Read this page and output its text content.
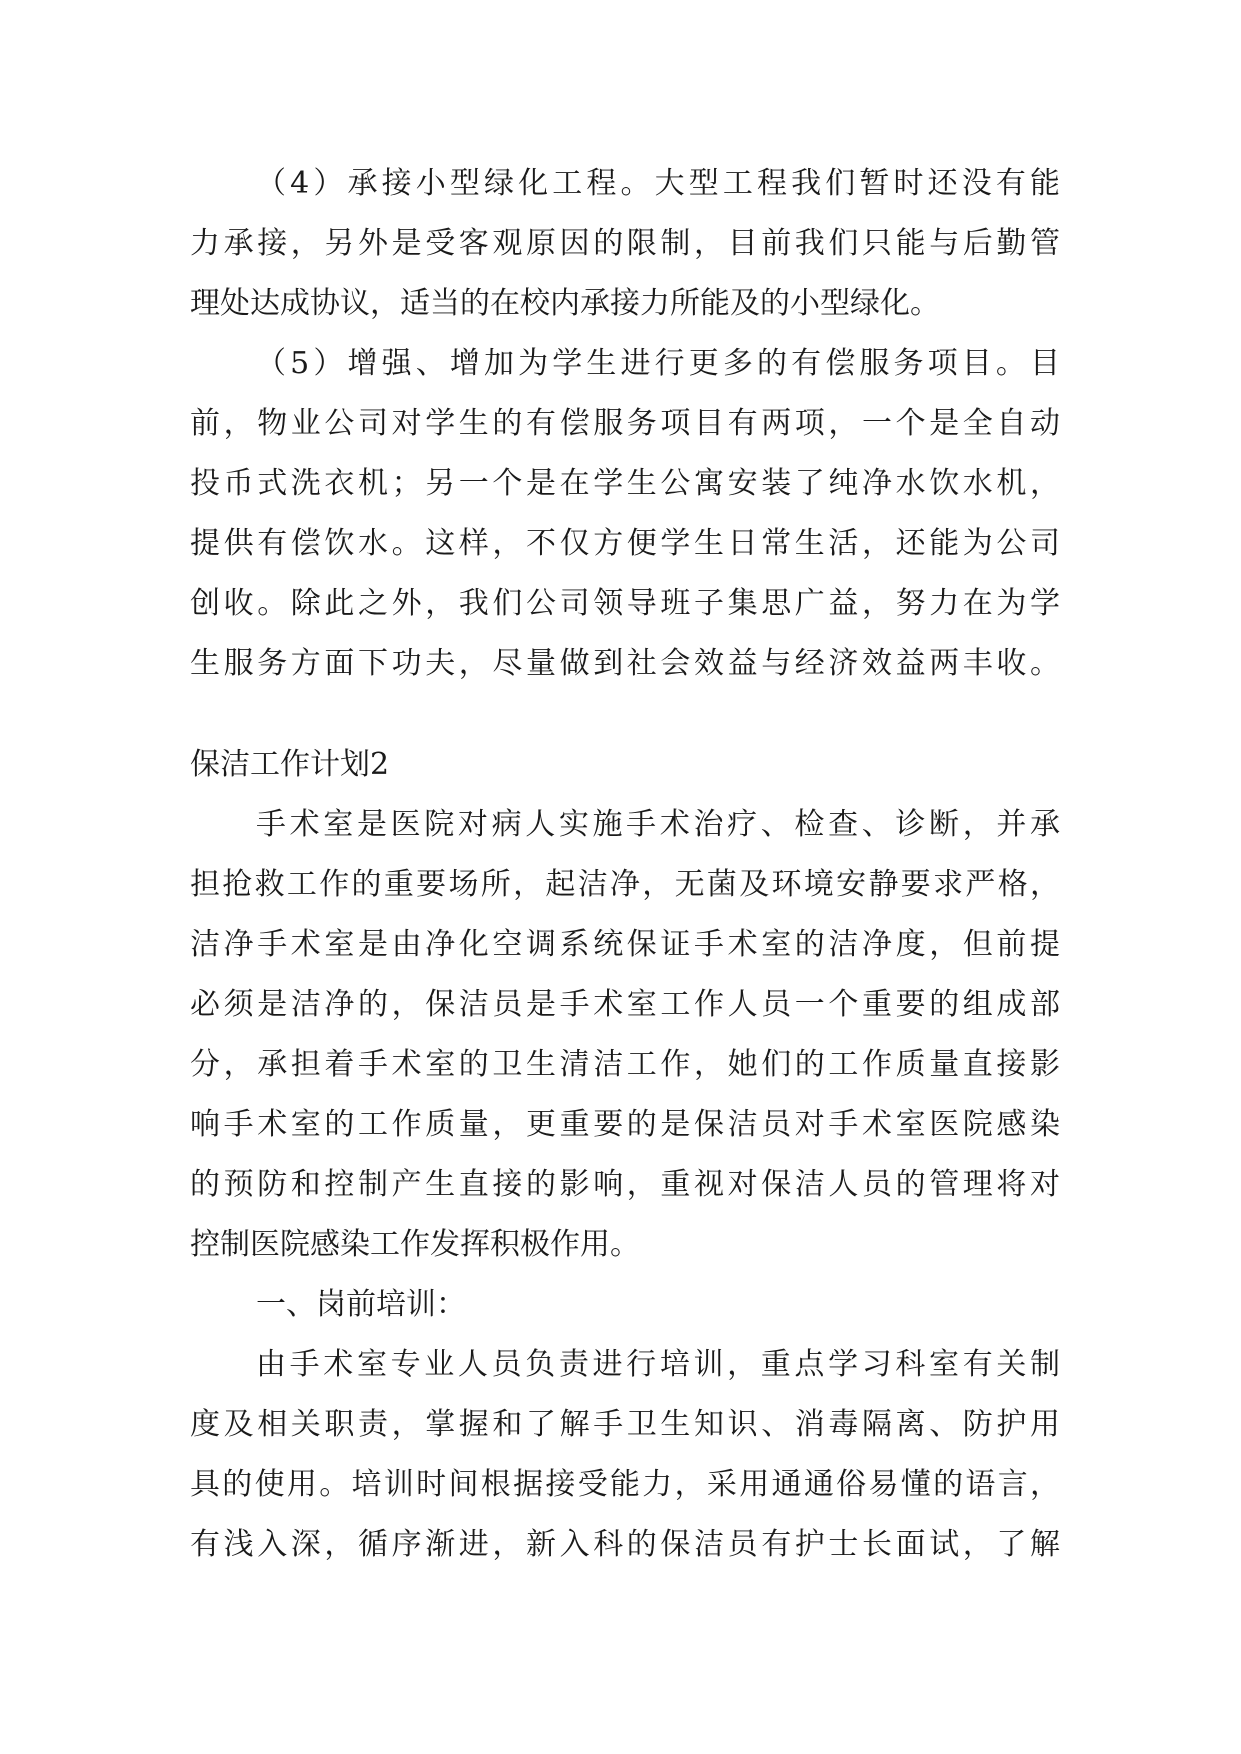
（4）承接小型绿化工程。大型工程我们暂时还没有能
力承接，另外是受客观原因的限制，目前我们只能与后勤管
理处达成协议，适当的在校内承接力所能及的小型绿化。
（5）增强、增加为学生进行更多的有偿服务项目。目
前，物业公司对学生的有偿服务项目有两项，一个是全自动
投币式洗衣机；另一个是在学生公寓安装了纯净水饮水机，
提供有偿饮水。这样，不仅方便学生日常生活，还能为公司
创收。除此之外，我们公司领导班子集思广益，努力在为学
生服务方面下功夫，尽量做到社会效益与经济效益两丰收。
保洁工作计划2
手术室是医院对病人实施手术治疗、检查、诊断，并承
担抢救工作的重要场所，起洁净，无菌及环境安静要求严格，
洁净手术室是由净化空调系统保证手术室的洁净度，但前提
必须是洁净的，保洁员是手术室工作人员一个重要的组成部
分，承担着手术室的卫生清洁工作，她们的工作质量直接影
响手术室的工作质量，更重要的是保洁员对手术室医院感染
的预防和控制产生直接的影响，重视对保洁人员的管理将对
控制医院感染工作发挥积极作用。
一、岗前培训：
由手术室专业人员负责进行培训，重点学习科室有关制
度及相关职责，掌握和了解手卫生知识、消毒隔离、防护用
具的使用。培训时间根据接受能力，采用通通俗易懂的语言，
有浅入深，循序渐进，新入科的保洁员有护士长面试，了解
